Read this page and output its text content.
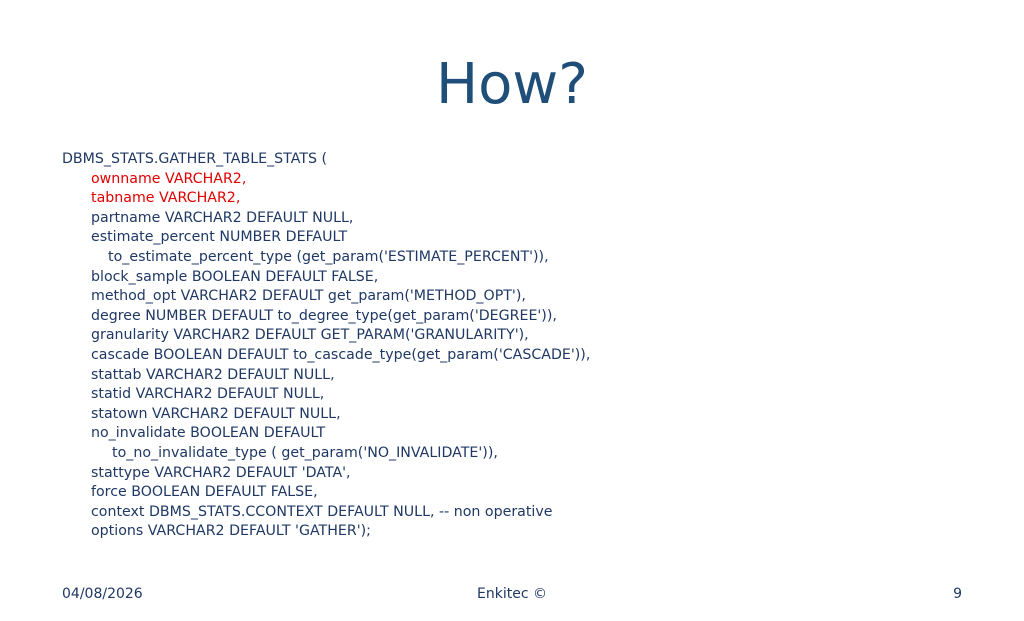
How?
DBMS_STATS.GATHER_TABLE_STATS (
ownname VARCHAR2,
tabname VARCHAR2,
partname VARCHAR2 DEFAULT NULL,
estimate_percent NUMBER DEFAULT
to_estimate_percent_type (get_param('ESTIMATE_PERCENT')),
block_sample BOOLEAN DEFAULT FALSE,
method_opt VARCHAR2 DEFAULT get_param('METHOD_OPT'),
degree NUMBER DEFAULT to_degree_type(get_param('DEGREE')),
granularity VARCHAR2 DEFAULT GET_PARAM('GRANULARITY'),
cascade BOOLEAN DEFAULT to_cascade_type(get_param('CASCADE')),
stattab VARCHAR2 DEFAULT NULL,
statid VARCHAR2 DEFAULT NULL,
statown VARCHAR2 DEFAULT NULL,
no_invalidate BOOLEAN DEFAULT
to_no_invalidate_type ( get_param('NO_INVALIDATE')),
stattype VARCHAR2 DEFAULT 'DATA',
force BOOLEAN DEFAULT FALSE,
context DBMS_STATS.CCONTEXT DEFAULT NULL, -- non operative
options VARCHAR2 DEFAULT 'GATHER');
04/08/2026	Enkitec ©	9
